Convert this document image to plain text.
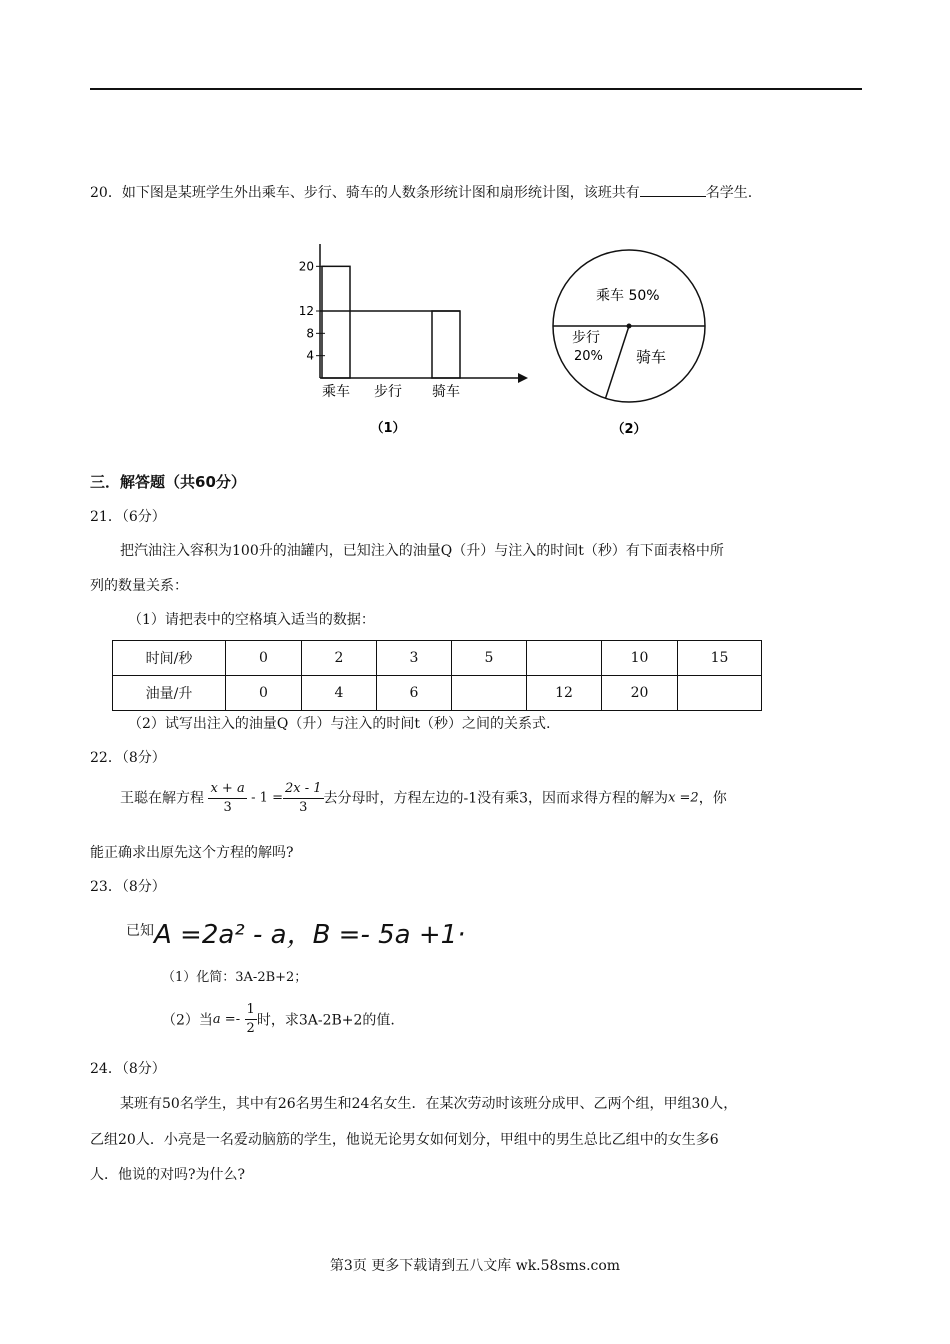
20．如下图是某班学生外出乘车、步行、骑车的人数条形统计图和扇形统计图，该班共有	名学生.
4
8
12
20
乘车 步行 骑车
（1）
乘车 50%
步行
20% 骑车
（2）
三．解答题（共60分）
21．（6分）
把汽油注入容积为100升的油罐内，已知注入的油量Q（升）与注入的时间t（秒）有下面表格中所
列的数量关系：
（1）请把表中的空格填入适当的数据：
时间/秒	0	2	3	5		10	15
油量/升	0	4	6		12	20	
（2）试写出注入的油量Q（升）与注入的时间t（秒）之间的关系式.
22．（8分）
王聪在解方程 $\frac{x + a}{3} - 1 = \frac{2x - 1}{3}$ 去分母时，方程左边的-1没有乘3，因而求得方程的解为x =2，你
能正确求出原先这个方程的解吗?
23．（8分）
已知A =2a² - a，B =- 5a +1·
（1）化简：3A-2B+2；
（2）当$a =- \frac{1}{2}$ 时，求3A-2B+2的值.
24．（8分）
某班有50名学生，其中有26名男生和24名女生．在某次劳动时该班分成甲、乙两个组，甲组30人，
乙组20人．小亮是一名爱动脑筋的学生，他说无论男女如何划分，甲组中的男生总比乙组中的女生多6
人．他说的对吗?为什么?
第3页 更多下载请到五八文库 wk.58sms.com
